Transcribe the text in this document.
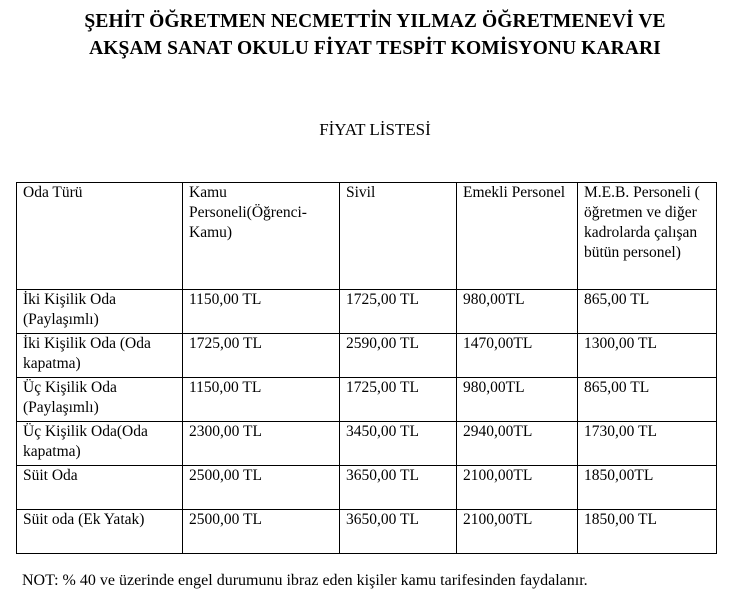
ŞEHİT ÖĞRETMEN NECMETTİN YILMAZ ÖĞRETMENEVİ VE
AKŞAM SANAT OKULU FİYAT TESPİT KOMİSYONU KARARI
FİYAT LİSTESİ
Oda Türü	Kamu Personeli(Öğrenci-Kamu)	Sivil	Emekli Personel	M.E.B. Personeli ( öğretmen ve diğer kadrolarda çalışan bütün personel)
İki Kişilik Oda (Paylaşımlı)	1150,00 TL	1725,00 TL	980,00TL	865,00 TL
İki Kişilik Oda (Oda kapatma)	1725,00 TL	2590,00 TL	1470,00TL	1300,00 TL
Üç Kişilik Oda (Paylaşımlı)	1150,00 TL	1725,00 TL	980,00TL	865,00 TL
Üç Kişilik Oda(Oda kapatma)	2300,00 TL	3450,00 TL	2940,00TL	1730,00 TL
Süit Oda	2500,00 TL	3650,00 TL	2100,00TL	1850,00TL
Süit oda (Ek Yatak)	2500,00 TL	3650,00 TL	2100,00TL	1850,00 TL
NOT: % 40 ve üzerinde engel durumunu ibraz eden kişiler kamu tarifesinden faydalanır.
